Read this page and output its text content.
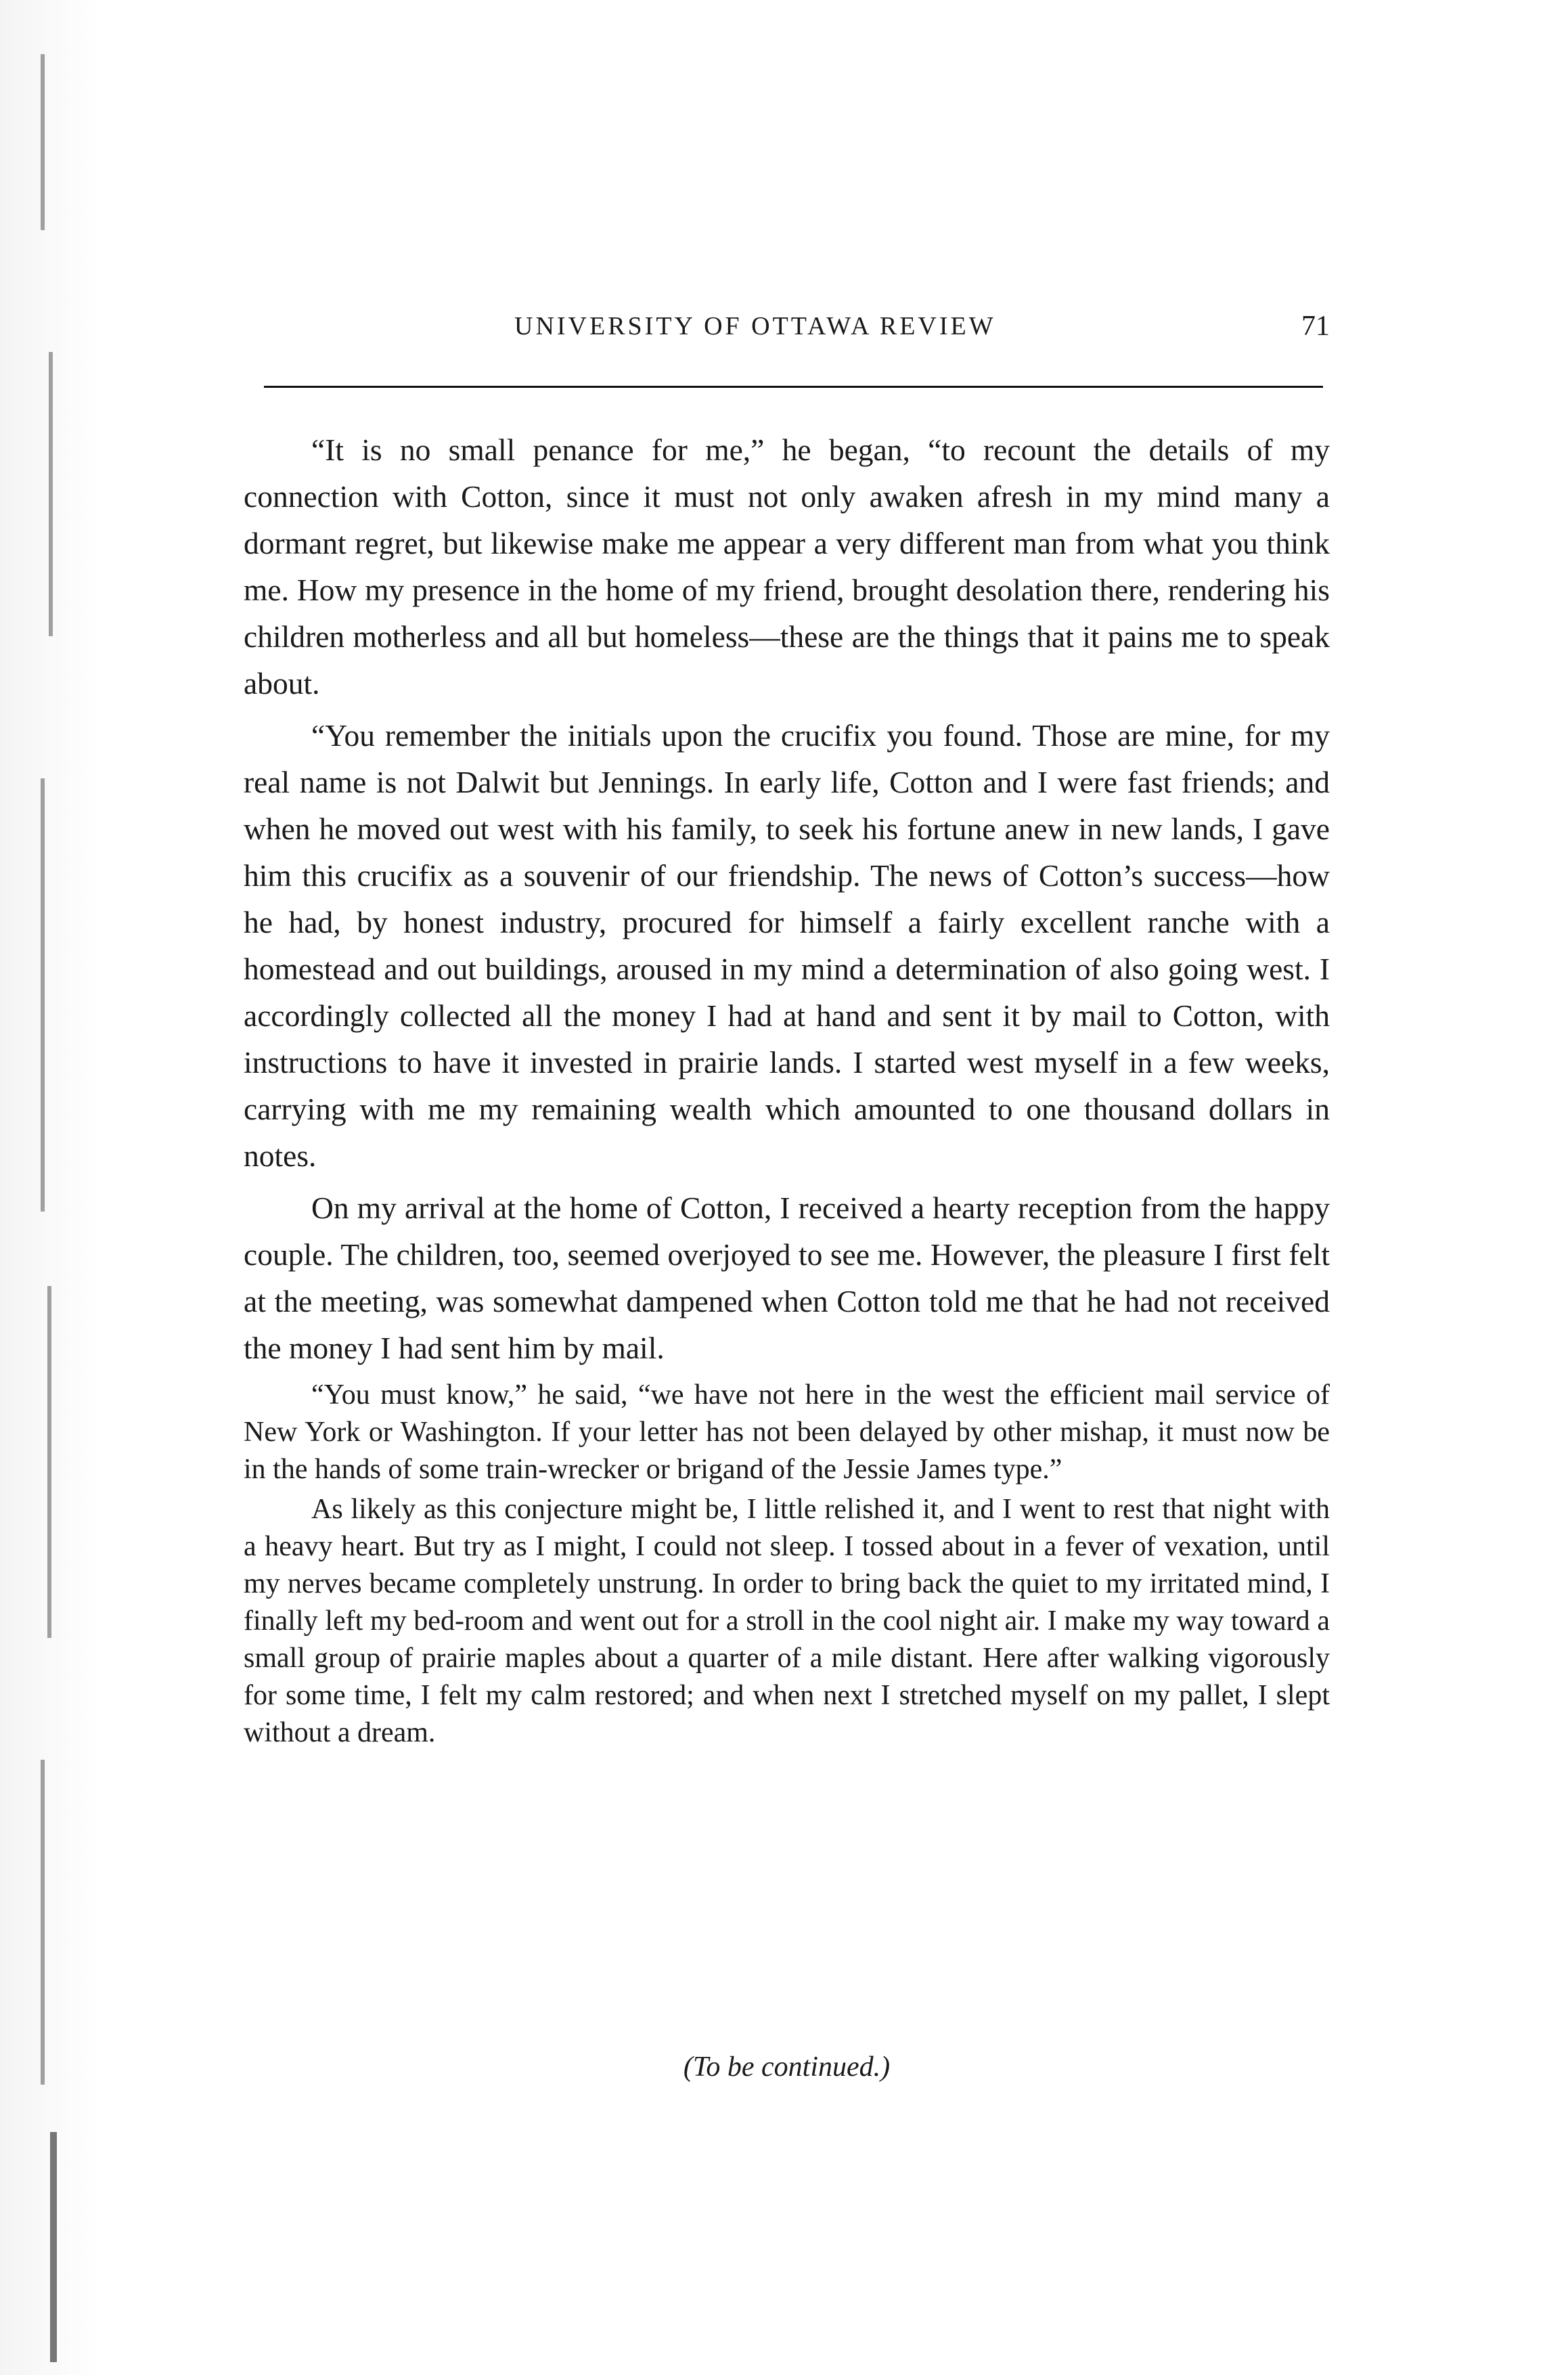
UNIVERSITY OF OTTAWA REVIEW	71

“It is no small penance for me,” he began, “to recount the details of my connection with Cotton, since it must not only awaken afresh in my mind many a dormant regret, but likewise make me appear a very different man from what you think me. How my presence in the home of my friend, brought desolation there, rendering his children motherless and all but homeless—these are the things that it pains me to speak about.

“You remember the initials upon the crucifix you found. Those are mine, for my real name is not Dalwit but Jennings. In early life, Cotton and I were fast friends; and when he moved out west with his family, to seek his fortune anew in new lands, I gave him this crucifix as a souvenir of our friendship. The news of Cotton’s success—how he had, by honest industry, procured for himself a fairly excellent ranche with a homestead and out buildings, aroused in my mind a determination of also going west. I accordingly collected all the money I had at hand and sent it by mail to Cotton, with instructions to have it invested in prairie lands. I started west myself in a few weeks, carrying with me my remaining wealth which amounted to one thousand dollars in notes.

On my arrival at the home of Cotton, I received a hearty reception from the happy couple. The children, too, seemed overjoyed to see me. However, the pleasure I first felt at the meeting, was somewhat dampened when Cotton told me that he had not received the money I had sent him by mail.

“You must know,” he said, “we have not here in the west the efficient mail service of New York or Washington. If your letter has not been delayed by other mishap, it must now be in the hands of some train-wrecker or brigand of the Jessie James type.”

As likely as this conjecture might be, I little relished it, and I went to rest that night with a heavy heart. But try as I might, I could not sleep. I tossed about in a fever of vexation, until my nerves became completely unstrung. In order to bring back the quiet to my irritated mind, I finally left my bed-room and went out for a stroll in the cool night air. I make my way toward a small group of prairie maples about a quarter of a mile distant. Here after walking vigorously for some time, I felt my calm restored; and when next I stretched myself on my pallet, I slept without a dream.

(To be continued.)
